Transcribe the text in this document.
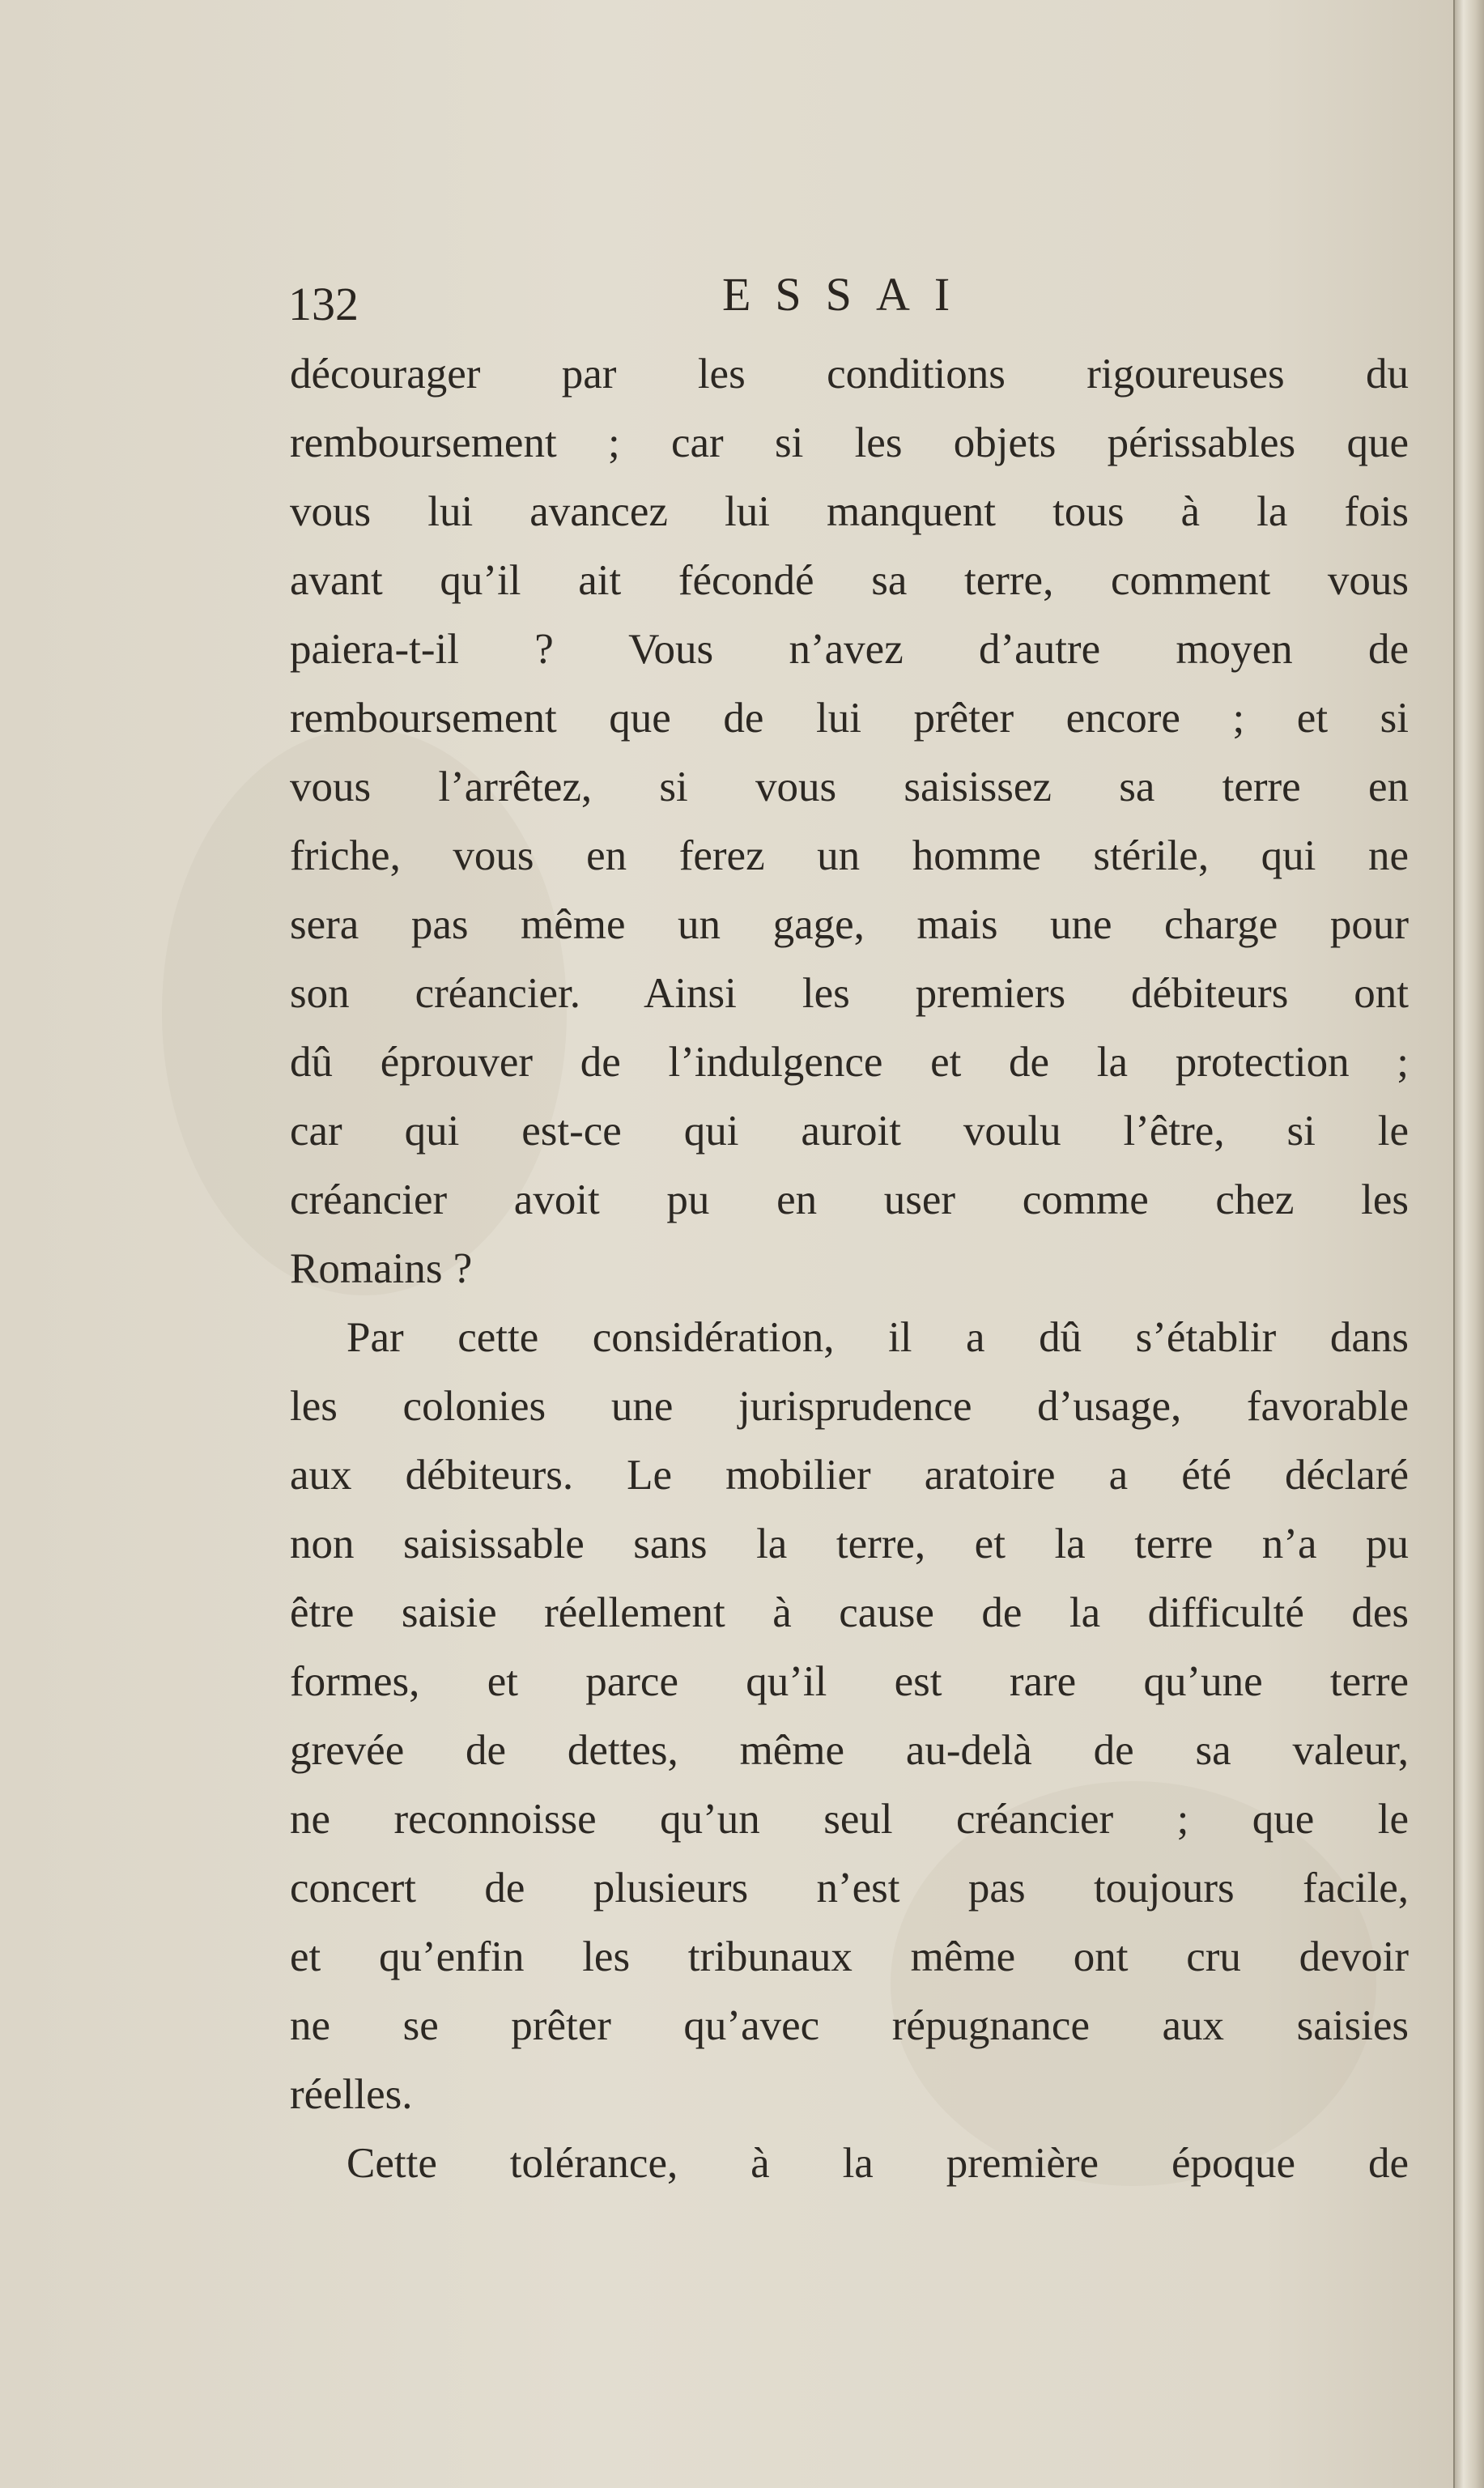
132	ESSAI
décourager par les conditions rigoureuses du
remboursement ; car si les objets périssables que
vous lui avancez lui manquent tous à la fois
avant qu’il ait fécondé sa terre, comment vous
paiera-t-il ? Vous n’avez d’autre moyen de
remboursement que de lui prêter encore ; et si
vous l’arrêtez, si vous saisissez sa terre en
friche, vous en ferez un homme stérile, qui ne
sera pas même un gage, mais une charge pour
son créancier. Ainsi les premiers débiteurs ont
dû éprouver de l’indulgence et de la protection ;
car qui est-ce qui auroit voulu l’être, si le
créancier avoit pu en user comme chez les
Romains ?
Par cette considération, il a dû s’établir dans
les colonies une jurisprudence d’usage, favorable
aux débiteurs. Le mobilier aratoire a été déclaré
non saisissable sans la terre, et la terre n’a pu
être saisie réellement à cause de la difficulté des
formes, et parce qu’il est rare qu’une terre
grevée de dettes, même au-delà de sa valeur,
ne reconnoisse qu’un seul créancier ; que le
concert de plusieurs n’est pas toujours facile,
et qu’enfin les tribunaux même ont cru devoir
ne se prêter qu’avec répugnance aux saisies
réelles.
Cette tolérance, à la première époque de
